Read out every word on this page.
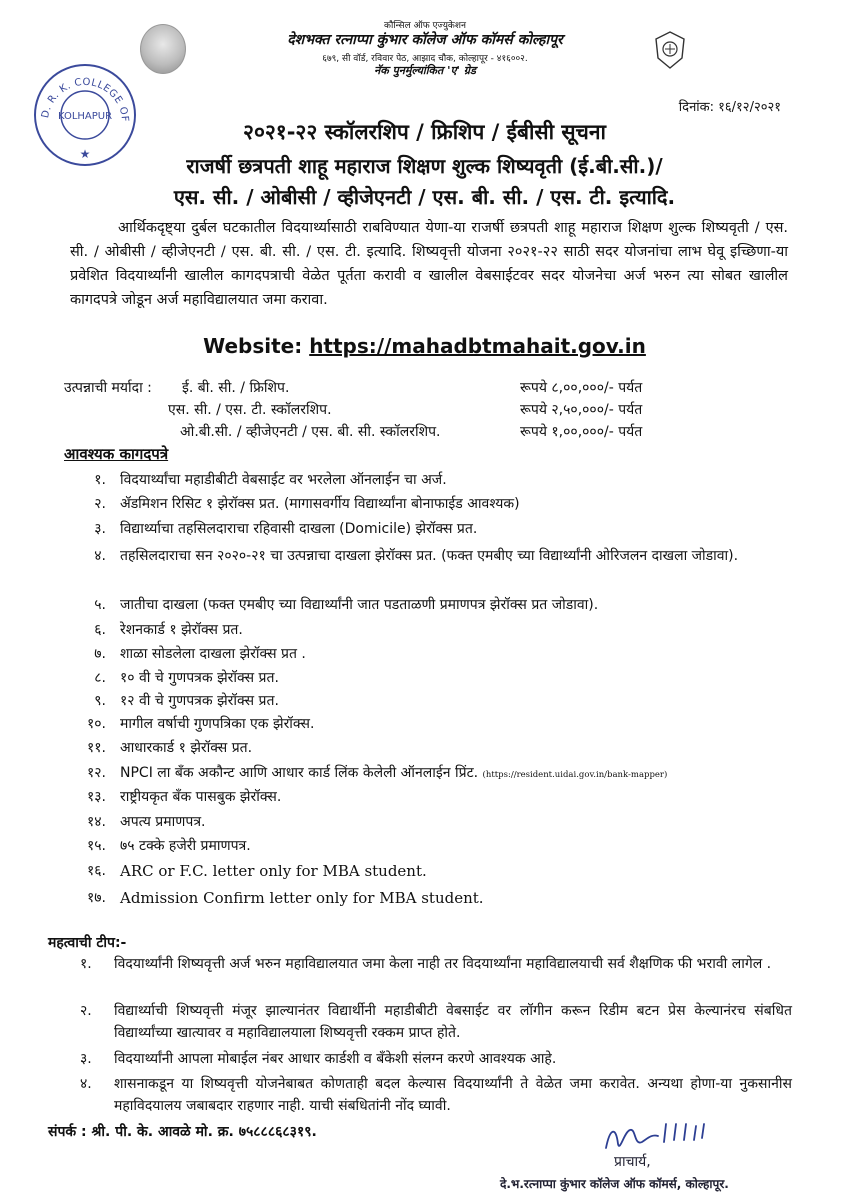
कौन्सिल ऑफ एज्युकेशन
देशभक्त रत्नाप्पा कुंभार कॉलेज ऑफ कॉमर्स कोल्हापूर
६७९, सी वॉर्ड, रविवार पेठ, आझाद चौक, कोल्हापूर - ४१६००२.
नॅक पुनर्मुल्यांकित 'ए' ग्रेड
D. R. K. COLLEGE OF
KOLHAPUR
★
दिनांक: १६/१२/२०२१
२०२१-२२ स्कॉलरशिप / फ्रिशिप / ईबीसी सूचना
राजर्षी छत्रपती शाहू महाराज शिक्षण शुल्क शिष्यवृती (ई.बी.सी.)/
एस. सी. / ओबीसी / व्हीजेएनटी / एस. बी. सी. / एस. टी. इत्यादि.
आर्थिकदृष्ट्या दुर्बल घटकातील विदयार्थ्यासाठी राबविण्यात येणा-या राजर्षी छत्रपती शाहू महाराज शिक्षण शुल्क शिष्यवृती / एस. सी. / ओबीसी / व्हीजेएनटी / एस. बी. सी. / एस. टी. इत्यादि. शिष्यवृत्ती योजना २०२१-२२ साठी सदर योजनांचा लाभ घेवू इच्छिणा-या प्रवेशित विदयार्थ्यांनी खालील कागदपत्राची वेळेत पूर्तता करावी व खालील वेबसाईटवर सदर योजनेचा अर्ज भरुन त्या सोबत खालील कागदपत्रे जोडून अर्ज महाविद्यालयात जमा करावा.
Website: https://mahadbtmahait.gov.in
उत्पन्नाची मर्यादा : ई. बी. सी. / फ्रिशिप.	रूपये ८,००,०००/- पर्यत
एस. सी. / एस. टी. स्कॉलरशिप.	रूपये २,५०,०००/- पर्यत
ओ.बी.सी. / व्हीजेएनटी / एस. बी. सी. स्कॉलरशिप.	रूपये १,००,०००/- पर्यत
आवश्यक कागदपत्रे
१.	विदयार्थ्यांचा महाडीबीटी वेबसाईट वर भरलेला ऑनलाईन चा अर्ज.
२.	ॲडमिशन रिसिट १ झेरॉक्स प्रत. (मागासवर्गीय विद्यार्थ्यांना बोनाफाईड आवश्यक)
३.	विद्यार्थ्याचा तहसिलदाराचा रहिवासी दाखला (Domicile) झेरॉक्स प्रत.
४.	तहसिलदाराचा सन २०२०-२१ चा उत्पन्नाचा दाखला झेरॉक्स प्रत. (फक्त एमबीए च्या विद्यार्थ्यांनी ओरिजलन दाखला जोडावा).
५.	जातीचा दाखला (फक्त एमबीए च्या विद्यार्थ्यांनी जात पडताळणी प्रमाणपत्र झेरॉक्स प्रत जोडावा).
६.	रेशनकार्ड १ झेरॉक्स प्रत.
७.	शाळा सोडलेला दाखला झेरॉक्स प्रत .
८.	१० वी चे गुणपत्रक झेरॉक्स प्रत.
९.	१२ वी चे गुणपत्रक झेरॉक्स प्रत.
१०.	मागील वर्षाची गुणपत्रिका एक झेरॉक्स.
११.	आधारकार्ड १ झेरॉक्स प्रत.
१२.	NPCI ला बँक अकौन्ट आणि आधार कार्ड लिंक केलेली ऑनलाईन प्रिंट. (https://resident.uidai.gov.in/bank-mapper)
१३.	राष्ट्रीयकृत बँक पासबुक झेरॉक्स.
१४.	अपत्य प्रमाणपत्र.
१५.	७५ टक्के हजेरी प्रमाणपत्र.
१६. ARC or F.C. letter only for MBA student.
१७. Admission Confirm letter only for MBA student.
महत्वाची टीप:-
१.	विदयार्थ्यांनी शिष्यवृत्ती अर्ज भरुन महाविद्यालयात जमा केला नाही तर विदयार्थ्यांना महाविद्यालयाची सर्व शैक्षणिक फी भरावी लागेल .
२.	विद्यार्थ्याची शिष्यवृत्ती मंजूर झाल्यानंतर विद्यार्थीनी महाडीबीटी वेबसाईट वर लॉगीन करून रिडीम बटन प्रेस केल्यानंरच संबधित विद्यार्थ्यांच्या खात्यावर व महाविद्यालयाला शिष्यवृत्ती रक्कम प्राप्त होते.
३.	विदयार्थ्यांनी आपला मोबाईल नंबर आधार कार्डशी व बँकेशी संलग्न करणे आवश्यक आहे.
४.	शासनाकडून या शिष्यवृत्ती योजनेबाबत कोणताही बदल केल्यास विदयार्थ्यांनी ते वेळेत जमा करावेत. अन्यथा होणा-या नुकसानीस महाविदयालय जबाबदार राहणार नाही. याची संबधितांनी नोंद घ्यावी.
संपर्क : श्री. पी. के. आवळे मो. क्र. ७५८८८६८३१९.
प्राचार्य,
दे.भ.रत्नाप्पा कुंभार कॉलेज ऑफ कॉमर्स, कोल्हापूर.
